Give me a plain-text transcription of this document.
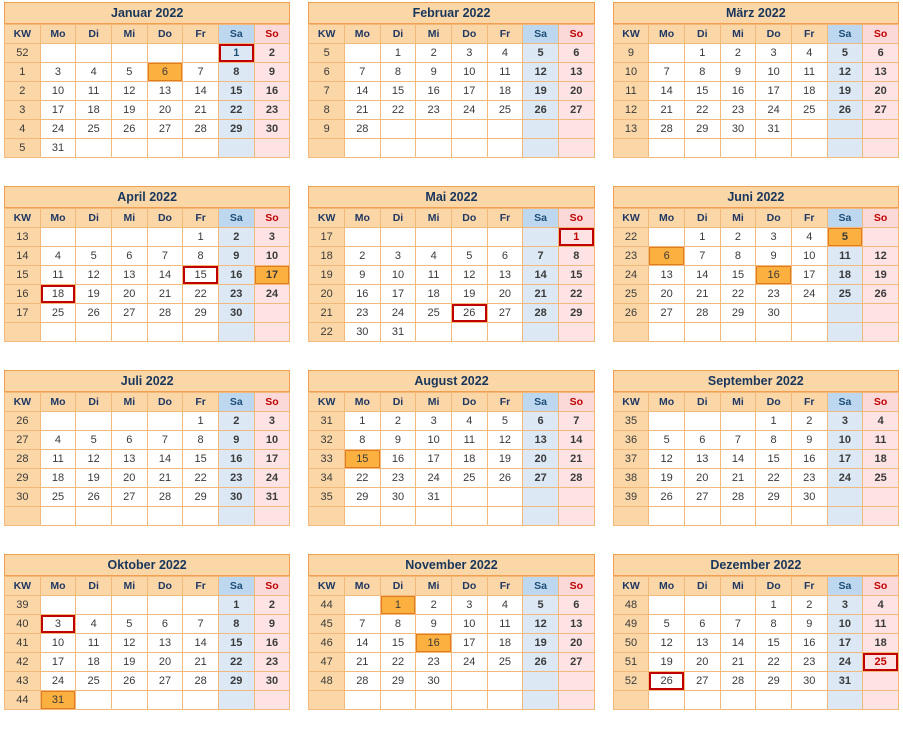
Januar 2022
KW	Mo	Di	Mi	Do	Fr	Sa	So
52						1	2
1	3	4	5	6	7	8	9
2	10	11	12	13	14	15	16
3	17	18	19	20	21	22	23
4	24	25	26	27	28	29	30
5	31						
Februar 2022
KW	Mo	Di	Mi	Do	Fr	Sa	So
5		1	2	3	4	5	6
6	7	8	9	10	11	12	13
7	14	15	16	17	18	19	20
8	21	22	23	24	25	26	27
9	28						

März 2022
KW	Mo	Di	Mi	Do	Fr	Sa	So
9		1	2	3	4	5	6
10	7	8	9	10	11	12	13
11	14	15	16	17	18	19	20
12	21	22	23	24	25	26	27
13	28	29	30	31			

April 2022
KW	Mo	Di	Mi	Do	Fr	Sa	So
13					1	2	3
14	4	5	6	7	8	9	10
15	11	12	13	14	15	16	17
16	18	19	20	21	22	23	24
17	25	26	27	28	29	30	

Mai 2022
KW	Mo	Di	Mi	Do	Fr	Sa	So
17							1
18	2	3	4	5	6	7	8
19	9	10	11	12	13	14	15
20	16	17	18	19	20	21	22
21	23	24	25	26	27	28	29
22	30	31					
Juni 2022
KW	Mo	Di	Mi	Do	Fr	Sa	So
22		1	2	3	4	5	
23	6	7	8	9	10	11	12
24	13	14	15	16	17	18	19
25	20	21	22	23	24	25	26
26	27	28	29	30			

Juli 2022
KW	Mo	Di	Mi	Do	Fr	Sa	So
26					1	2	3
27	4	5	6	7	8	9	10
28	11	12	13	14	15	16	17
29	18	19	20	21	22	23	24
30	25	26	27	28	29	30	31

August 2022
KW	Mo	Di	Mi	Do	Fr	Sa	So
31	1	2	3	4	5	6	7
32	8	9	10	11	12	13	14
33	15	16	17	18	19	20	21
34	22	23	24	25	26	27	28
35	29	30	31				

September 2022
KW	Mo	Di	Mi	Do	Fr	Sa	So
35				1	2	3	4
36	5	6	7	8	9	10	11
37	12	13	14	15	16	17	18
38	19	20	21	22	23	24	25
39	26	27	28	29	30		

Oktober 2022
KW	Mo	Di	Mi	Do	Fr	Sa	So
39						1	2
40	3	4	5	6	7	8	9
41	10	11	12	13	14	15	16
42	17	18	19	20	21	22	23
43	24	25	26	27	28	29	30
44	31						
November 2022
KW	Mo	Di	Mi	Do	Fr	Sa	So
44		1	2	3	4	5	6
45	7	8	9	10	11	12	13
46	14	15	16	17	18	19	20
47	21	22	23	24	25	26	27
48	28	29	30				

Dezember 2022
KW	Mo	Di	Mi	Do	Fr	Sa	So
48				1	2	3	4
49	5	6	7	8	9	10	11
50	12	13	14	15	16	17	18
51	19	20	21	22	23	24	25
52	26	27	28	29	30	31	
